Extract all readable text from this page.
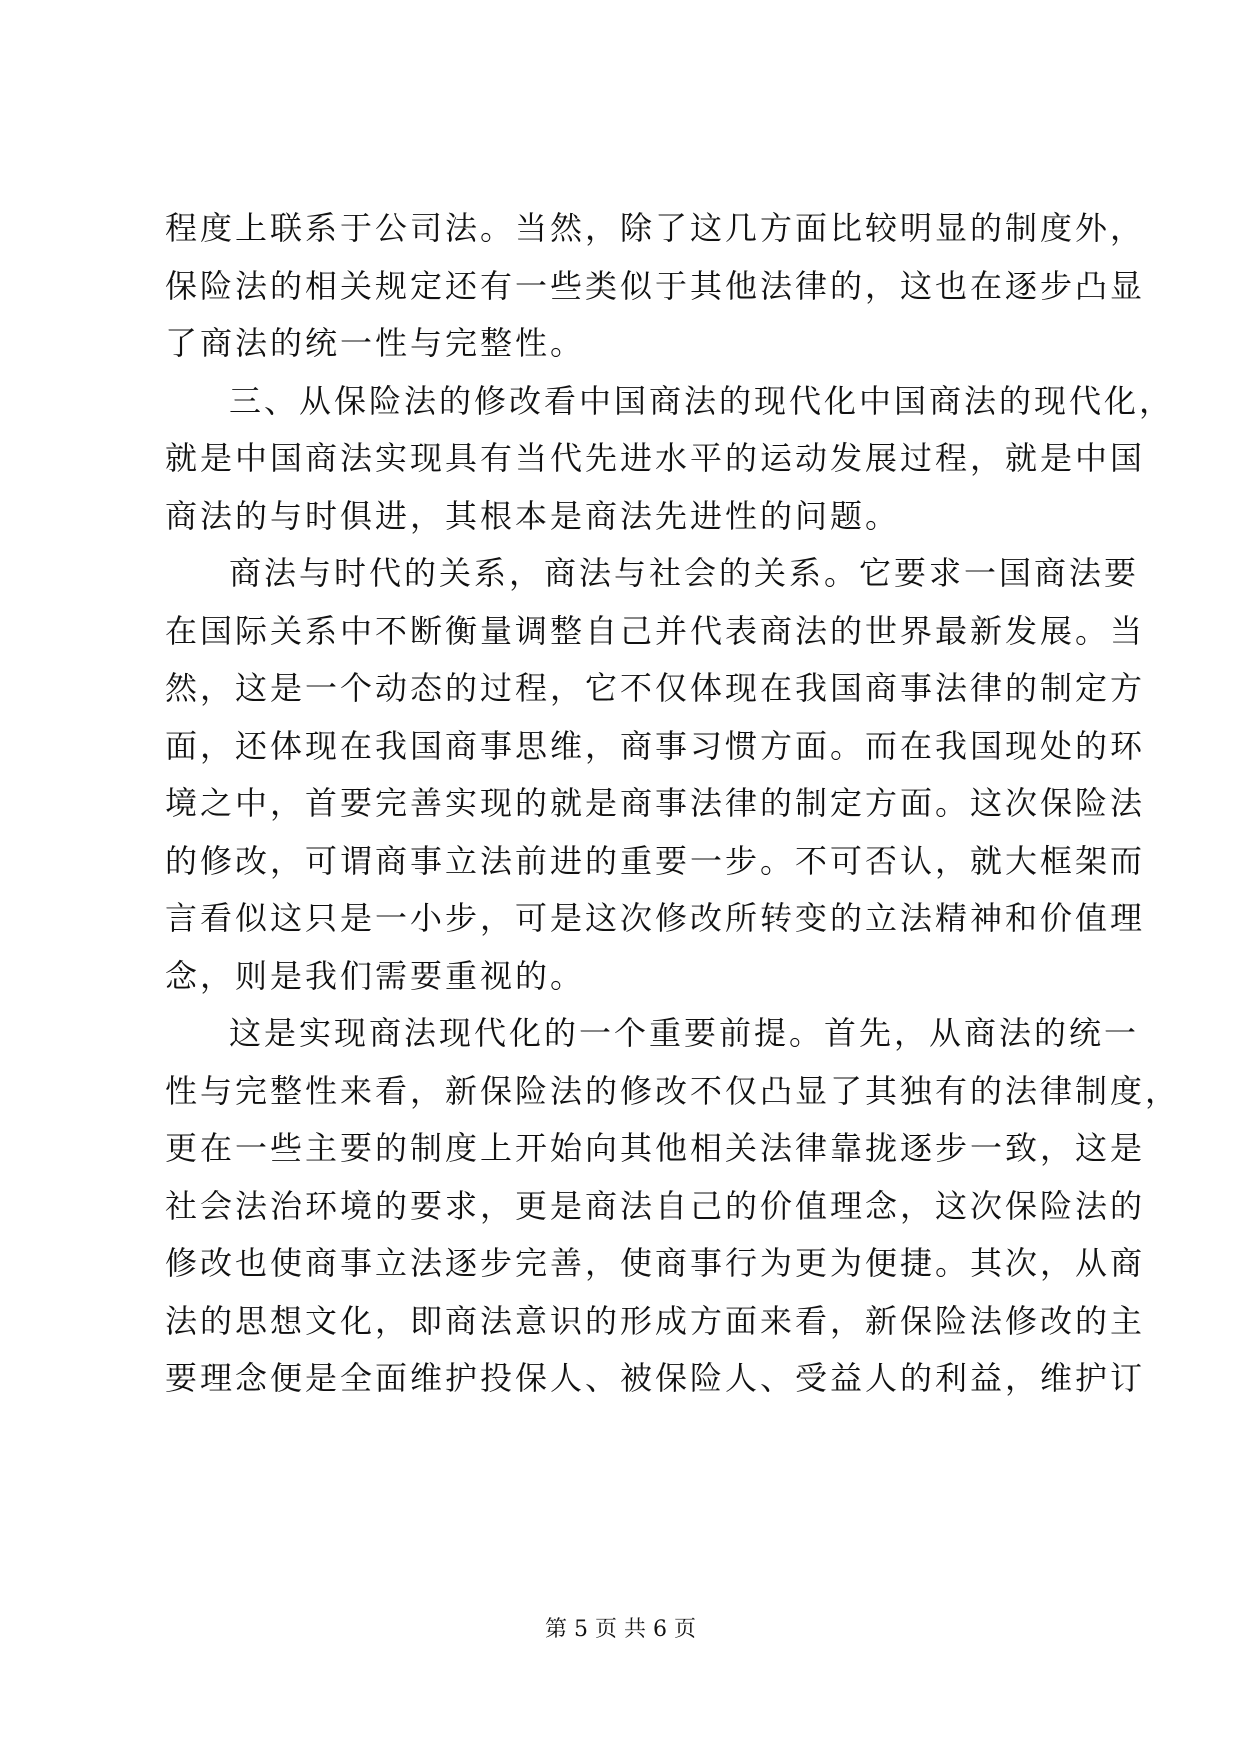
程度上联系于公司法。当然，除了这几方面比较明显的制度外，
保险法的相关规定还有一些类似于其他法律的，这也在逐步凸显
了商法的统一性与完整性。
三、从保险法的修改看中国商法的现代化中国商法的现代化，
就是中国商法实现具有当代先进水平的运动发展过程，就是中国
商法的与时俱进，其根本是商法先进性的问题。
商法与时代的关系，商法与社会的关系。它要求一国商法要
在国际关系中不断衡量调整自己并代表商法的世界最新发展。当
然，这是一个动态的过程，它不仅体现在我国商事法律的制定方
面，还体现在我国商事思维，商事习惯方面。而在我国现处的环
境之中，首要完善实现的就是商事法律的制定方面。这次保险法
的修改，可谓商事立法前进的重要一步。不可否认，就大框架而
言看似这只是一小步，可是这次修改所转变的立法精神和价值理
念，则是我们需要重视的。
这是实现商法现代化的一个重要前提。首先，从商法的统一
性与完整性来看，新保险法的修改不仅凸显了其独有的法律制度，
更在一些主要的制度上开始向其他相关法律靠拢逐步一致，这是
社会法治环境的要求，更是商法自己的价值理念，这次保险法的
修改也使商事立法逐步完善，使商事行为更为便捷。其次，从商
法的思想文化，即商法意识的形成方面来看，新保险法修改的主
要理念便是全面维护投保人、被保险人、受益人的利益，维护订
第 5 页 共 6 页
